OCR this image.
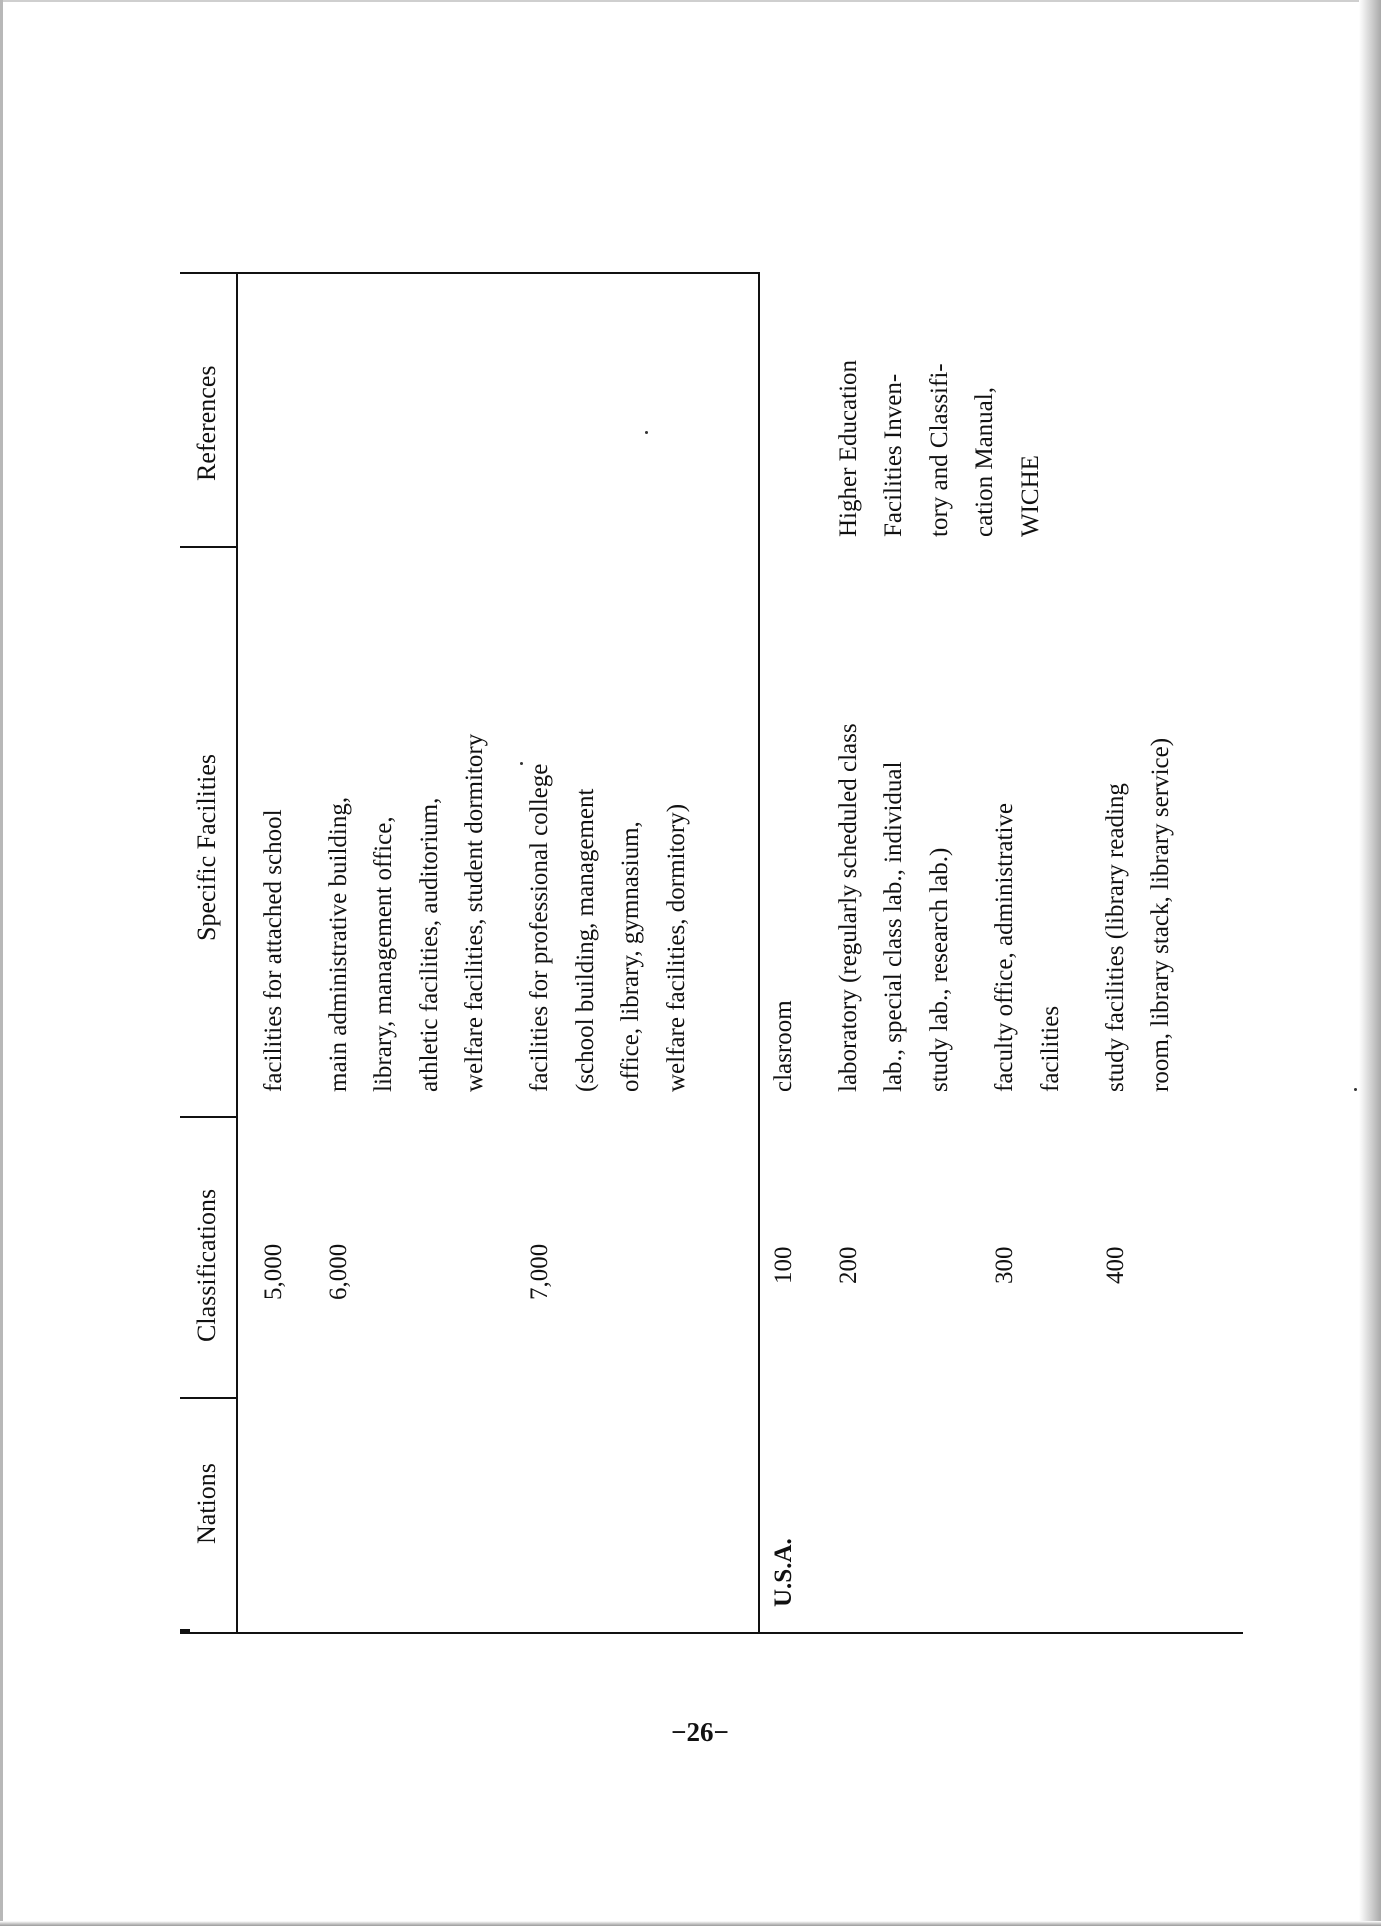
Nations
Classifications
Specific Facilities
References
5,000
facilities for attached school
6,000
main administrative building, library, management office, athletic facilities, auditorium, welfare facilities, student dormitory
7,000
facilities for professional college (school building, management office, library, gymnasium, welfare facilities, dormitory)
U.S.A.
100
clasroom
200
laboratory (regularly scheduled class lab., special class lab., individual study lab., research lab.)
300
faculty office, administrative facilities
400
study facilities (library reading room, library stack, library service)
Higher Education Facilities Inven- tory and Classifi- cation Manual, WICHE
−26−
